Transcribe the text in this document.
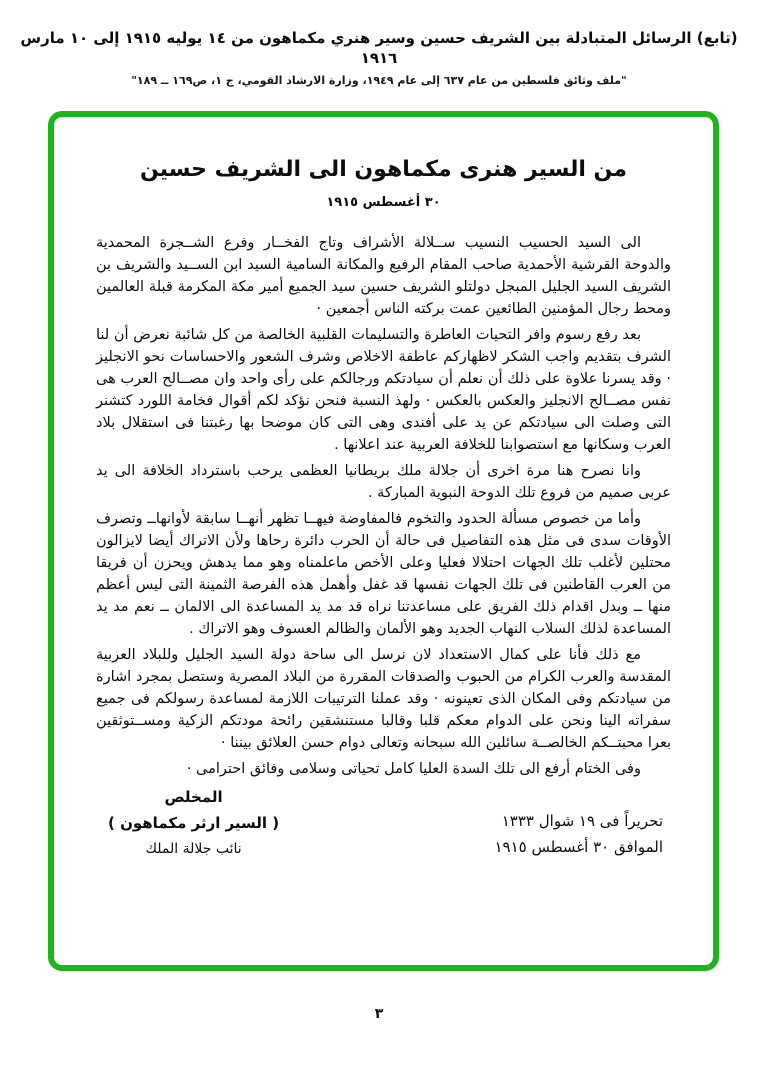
(تابع) الرسائل المتبادلة بين الشريف حسين وسير هنري مكماهون من ١٤ يوليه ١٩١٥ إلى ١٠ مارس ١٩١٦
"ملف وثائق فلسطين من عام ٦٣٧ إلى عام ١٩٤٩، وزارة الارشاد القومي، ج ١، ص١٦٩ ــ ١٨٩"
من السير هنرى مكماهون الى الشريف حسين
٣٠ أغسطس ١٩١٥

الى السيد الحسيب النسيب ســلالة الأشراف وتاج الفخــار وفرع الشــجرة المحمدية والدوحة القرشية الأحمدية صاحب المقام الرفيع والمكانة السامية السيد ابن الســيد والشريف بن الشريف السيد الجليل المبجل دولتلو الشريف حسين سيد الجميع أمير مكة المكرمة قبلة العالمين ومحط رجال المؤمنين الطائعين عمت بركته الناس أجمعين ·

بعد رفع رسوم وافر التحيات العاطرة والتسليمات القلبية الخالصة من كل شائبة نعرض أن لنا الشرف بتقديم واجب الشكر لاظهاركم عاطفة الاخلاص وشرف الشعور والاحساسات نحو الانجليز · وقد يسرنا علاوة على ذلك أن نعلم أن سيادتكم ورجالكم على رأى واحد وان مصــالح العرب هى نفس مصــالح الانجليز والعكس بالعكس · ولهذ النسبة فنحن نؤكد لكم أقوال فخامة اللورد كتشنر التى وصلت الى سيادتكم عن يد على أفندى وهى التى كان موضحا بها رغبتنا فى استقلال بلاد العرب وسكانها مع استصوابنا للخلافة العربية عند اعلانها .

وانا نصرح هنا مرة اخرى أن جلالة ملك بريطانيا العظمى يرحب باسترداد الخلافة الى يد عربى صميم من فروع تلك الدوحة النبوية المباركة .

وأما من خصوص مسألة الحدود والتخوم فالمفاوضة فيهــا تظهر أنهــا سابقة لأوانهاــ وتصرف الأوقات سدى فى مثل هذه التفاصيل فى حالة أن الحرب دائرة رحاها ولأن الاتراك أيضا لايزالون محتلين لأغلب تلك الجهات احتلالا فعليا وعلى الأخص ماعلمناه وهو مما يدهش ويحزن أن فريقا من العرب القاطنين فى تلك الجهات نفسها قد غفل وأهمل هذه الفرصة الثمينة التى ليس أعظم منها ــ وبدل اقدام ذلك الفريق على مساعدتنا نراه قد مد يد المساعدة الى الالمان ــ نعم مد يد المساعدة لذلك السلاب النهاب الجديد وهو الألمان والظالم العسوف وهو الاتراك .

مع ذلك فأنا على كمال الاستعداد لان نرسل الى ساحة دولة السيد الجليل وللبلاد العربية المقدسة والعرب الكرام من الحبوب والصدقات المقررة من البلاد المصرية وستصل بمجرد اشارة من سيادتكم وفى المكان الذى تعينونه · وقد عملنا الترتيبات اللازمة لمساعدة رسولكم فى جميع سفراته الينا ونحن على الدوام معكم قلبا وقالبا مستنشقين رائحة مودتكم الزكية ومســتوثقين بعرا محبتــكم الخالصــة سائلين الله سبحانه وتعالى دوام حسن العلائق بيننا ·

وفى الختام أرفع الى تلك السدة العليا كامل تحياتى وسلامى وفائق احترامى ·

تحريراً فى ١٩ شوال ١٣٣٣
الموافق ٣٠ أغسطس ١٩١٥
المخلص
( السير ارثر مكماهون )
نائب جلالة الملك
٣
